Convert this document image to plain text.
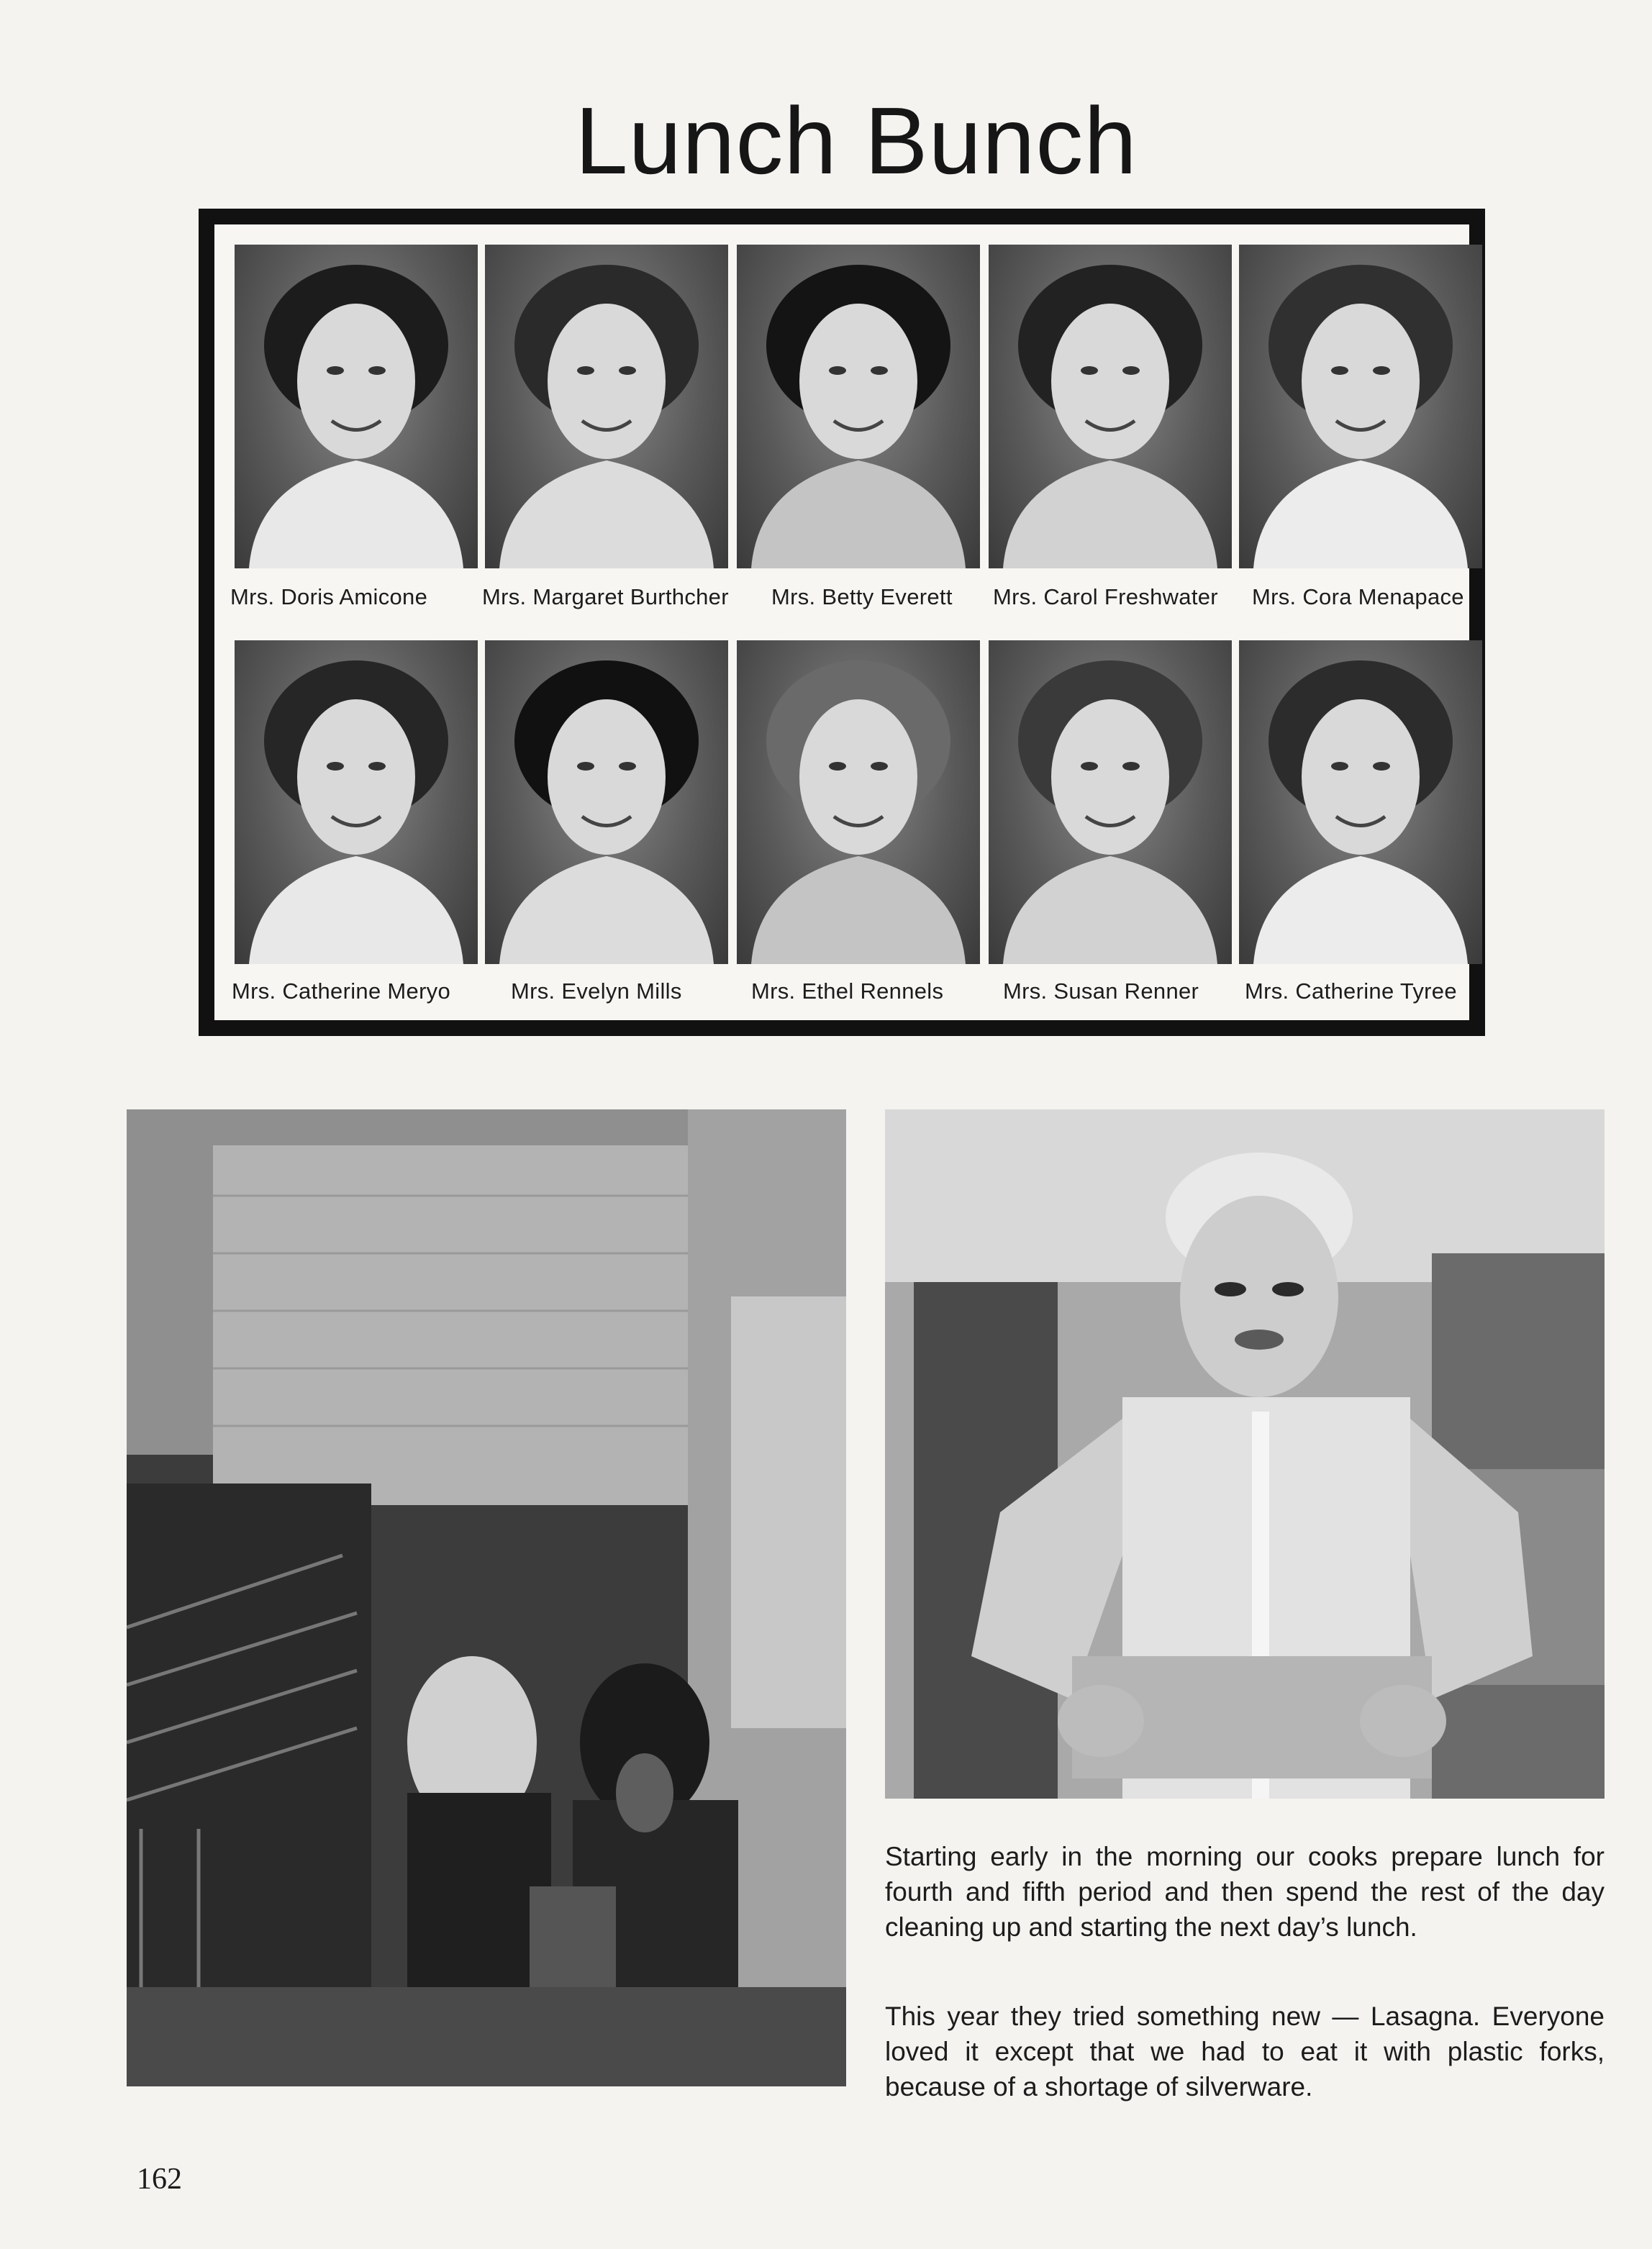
Lunch Bunch
Mrs. Doris Amicone Mrs. Margaret Burthcher Mrs. Betty Everett Mrs. Carol Freshwater Mrs. Cora Menapace
Mrs. Catherine Meryo	Mrs. Evelyn Mills	Mrs. Ethel Rennels	Mrs. Susan Renner Mrs. Catherine Tyree

Starting early in the morning our cooks prepare lunch for fourth and fifth period and then spend the rest of the day cleaning up and starting the next day’s lunch.

This year they tried something new — Lasagna. Everyone loved it except that we had to eat it with plastic forks, because of a shortage of silverware.

162
